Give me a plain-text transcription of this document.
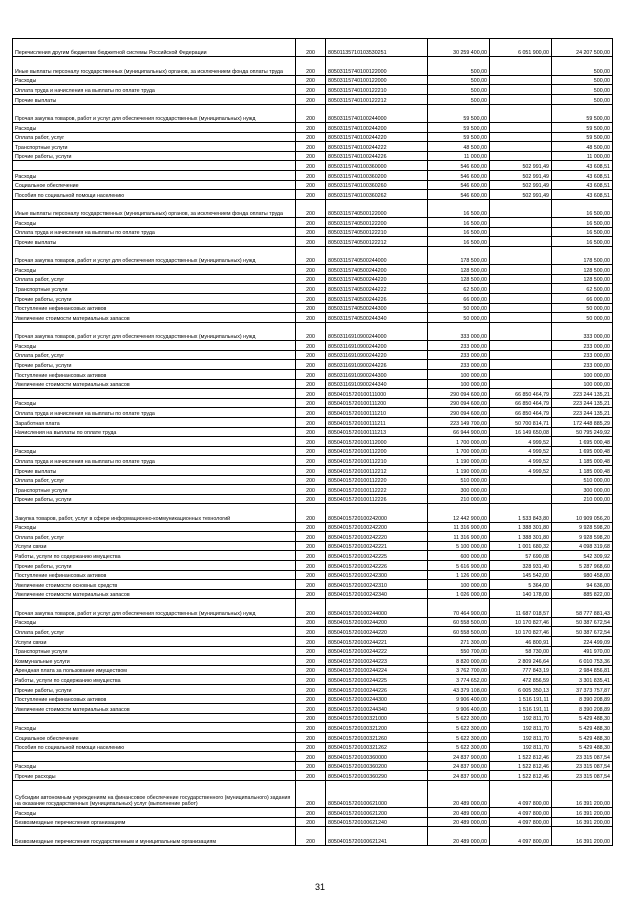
Перечисления другим бюджетам бюджетной системы Российской Федерации	200	80501135710103530251	30 259 400,00	6 051 900,00	24 207 500,00
Иные выплаты персоналу государственных (муниципальных) органов, за исключением фонда оплаты труда	200	80503115740100122000	500,00		500,00
Расходы	200	80503115740100122000	500,00		500,00
Оплата труда и начисления на выплаты по оплате труда	200	80503115740100122210	500,00		500,00
Прочие выплаты	200	80503115740100122212	500,00		500,00
Прочая закупка товаров, работ и услуг для обеспечения государственных (муниципальных) нужд	200	80503115740100244000	59 500,00		59 500,00
Расходы	200	80503115740100244200	59 500,00		59 500,00
Оплата работ, услуг	200	80503115740100244220	59 500,00		59 500,00
Транспортные услуги	200	80503115740100244222	48 500,00		48 500,00
Прочие работы, услуги	200	80503115740100244226	11 000,00		11 000,00
	200	80503115740100360000	546 600,00	502 991,49	43 608,51
Расходы	200	80503115740100360200	546 600,00	502 991,49	43 608,51
Социальное обеспечение	200	80503115740100360260	546 600,00	502 991,49	43 608,51
Пособия по социальной помощи населению	200	80503115740100360262	546 600,00	502 991,49	43 608,51
Иные выплаты персоналу государственных (муниципальных) органов, за исключением фонда оплаты труда	200	80503115740500122000	16 500,00		16 500,00
Расходы	200	80503115740500122200	16 500,00		16 500,00
Оплата труда и начисления на выплаты по оплате труда	200	80503115740500122210	16 500,00		16 500,00
Прочие выплаты	200	80503115740500122212	16 500,00		16 500,00
Прочая закупка товаров, работ и услуг для обеспечения государственных (муниципальных) нужд	200	80503115740500244000	178 500,00		178 500,00
Расходы	200	80503115740500244200	128 500,00		128 500,00
Оплата работ, услуг	200	80503115740500244220	128 500,00		128 500,00
Транспортные услуги	200	80503115740500244222	62 500,00		62 500,00
Прочие работы, услуги	200	80503115740500244226	66 000,00		66 000,00
Поступление нефинансовых активов	200	80503115740500244300	50 000,00		50 000,00
Увеличение стоимости материальных запасов	200	80503115740500244340	50 000,00		50 000,00
Прочая закупка товаров, работ и услуг для обеспечения государственных (муниципальных) нужд	200	80503116910900244000	333 000,00		333 000,00
Расходы	200	80503116910900244200	233 000,00		233 000,00
Оплата работ, услуг	200	80503116910900244220	233 000,00		233 000,00
Прочие работы, услуги	200	80503116910900244226	233 000,00		233 000,00
Поступление нефинансовых активов	200	80503116910900244300	100 000,00		100 000,00
Увеличение стоимости материальных запасов	200	80503116910900244340	100 000,00		100 000,00
	200	80504015720100111000	290 094 600,00	66 850 464,79	223 244 135,21
Расходы	200	80504015720100111200	290 094 600,00	66 850 464,79	223 244 135,21
Оплата труда и начисления на выплаты по оплате труда	200	80504015720100111210	290 094 600,00	66 850 464,79	223 244 135,21
Заработная плата	200	80504015720100111211	223 149 700,00	50 700 814,71	172 448 885,29
Начисления на выплаты по оплате труда	200	80504015720100111213	66 944 900,00	16 149 650,08	50 795 249,92
	200	80504015720100112000	1 700 000,00	4 999,52	1 695 000,48
Расходы	200	80504015720100112200	1 700 000,00	4 999,52	1 695 000,48
Оплата труда и начисления на выплаты по оплате труда	200	80504015720100112210	1 190 000,00	4 999,52	1 185 000,48
Прочие выплаты	200	80504015720100112212	1 190 000,00	4 999,52	1 185 000,48
Оплата работ, услуг	200	80504015720100112220	510 000,00		510 000,00
Транспортные услуги	200	80504015720100112222	300 000,00		300 000,00
Прочие работы, услуги	200	80504015720100112226	210 000,00		210 000,00
Закупка товаров, работ, услуг в сфере информационно-коммуникационных технологий	200	80504015720100242000	12 442 900,00	1 533 843,80	10 909 056,20
Расходы	200	80504015720100242200	11 316 900,00	1 388 301,80	9 928 598,20
Оплата работ, услуг	200	80504015720100242220	11 316 900,00	1 388 301,80	9 928 598,20
Услуги связи	200	80504015720100242221	5 100 000,00	1 001 680,32	4 098 319,68
Работы, услуги по содержанию имущества	200	80504015720100242225	600 000,00	57 690,08	542 309,92
Прочие работы, услуги	200	80504015720100242226	5 616 900,00	328 931,40	5 287 968,60
Поступление нефинансовых активов	200	80504015720100242300	1 126 000,00	145 542,00	980 458,00
Увеличение стоимости основных средств	200	80504015720100242310	100 000,00	5 364,00	94 636,00
Увеличение стоимости материальных запасов	200	80504015720100242340	1 026 000,00	140 178,00	885 822,00
Прочая закупка товаров, работ и услуг для обеспечения государственных (муниципальных) нужд	200	80504015720100244000	70 464 900,00	11 687 018,57	58 777 881,43
Расходы	200	80504015720100244200	60 558 500,00	10 170 827,46	50 387 672,54
Оплата работ, услуг	200	80504015720100244220	60 558 500,00	10 170 827,46	50 387 672,54
Услуги связи	200	80504015720100244221	271 300,00	46 800,91	224 499,09
Транспортные услуги	200	80504015720100244222	550 700,00	58 730,00	491 970,00
Коммунальные услуги	200	80504015720100244223	8 820 000,00	2 809 246,64	6 010 753,36
Арендная плата за пользование имуществом	200	80504015720100244224	3 762 700,00	777 843,19	2 984 856,81
Работы, услуги по содержанию имущества	200	80504015720100244225	3 774 652,00	472 856,59	3 301 835,41
Прочие работы, услуги	200	80504015720100244226	43 379 108,00	6 005 350,13	37 373 757,87
Поступление нефинансовых активов	200	80504015720100244300	9 906 400,00	1 516 191,11	8 390 208,89
Увеличение стоимости материальных запасов	200	80504015720100244340	9 906 400,00	1 516 191,11	8 390 208,89
	200	80504015720100321000	5 622 300,00	192 811,70	5 429 488,30
Расходы	200	80504015720100321200	5 622 300,00	192 811,70	5 429 488,30
Социальное обеспечение	200	80504015720100321260	5 622 300,00	192 811,70	5 429 488,30
Пособия по социальной помощи населению	200	80504015720100321262	5 622 300,00	192 811,70	5 429 488,30
	200	80504015720100360000	24 837 900,00	1 522 812,46	23 315 087,54
Расходы	200	80504015720100360200	24 837 900,00	1 522 812,46	23 315 087,54
Прочие расходы	200	80504015720100360290	24 837 900,00	1 522 812,46	23 315 087,54
Субсидии автономным учреждениям на финансовое обеспечение государственного (муниципального) задания на оказание государственных (муниципальных) услуг (выполнение работ)	200	80504015720100621000	20 489 000,00	4 097 800,00	16 391 200,00
Расходы	200	80504015720100621200	20 489 000,00	4 097 800,00	16 391 200,00
Безвозмездные перечисления организациям	200	80504015720100621240	20 489 000,00	4 097 800,00	16 391 200,00
Безвозмездные перечисления государственным и муниципальным организациям	200	80504015720100621241	20 489 000,00	4 097 800,00	16 391 200,00
31
